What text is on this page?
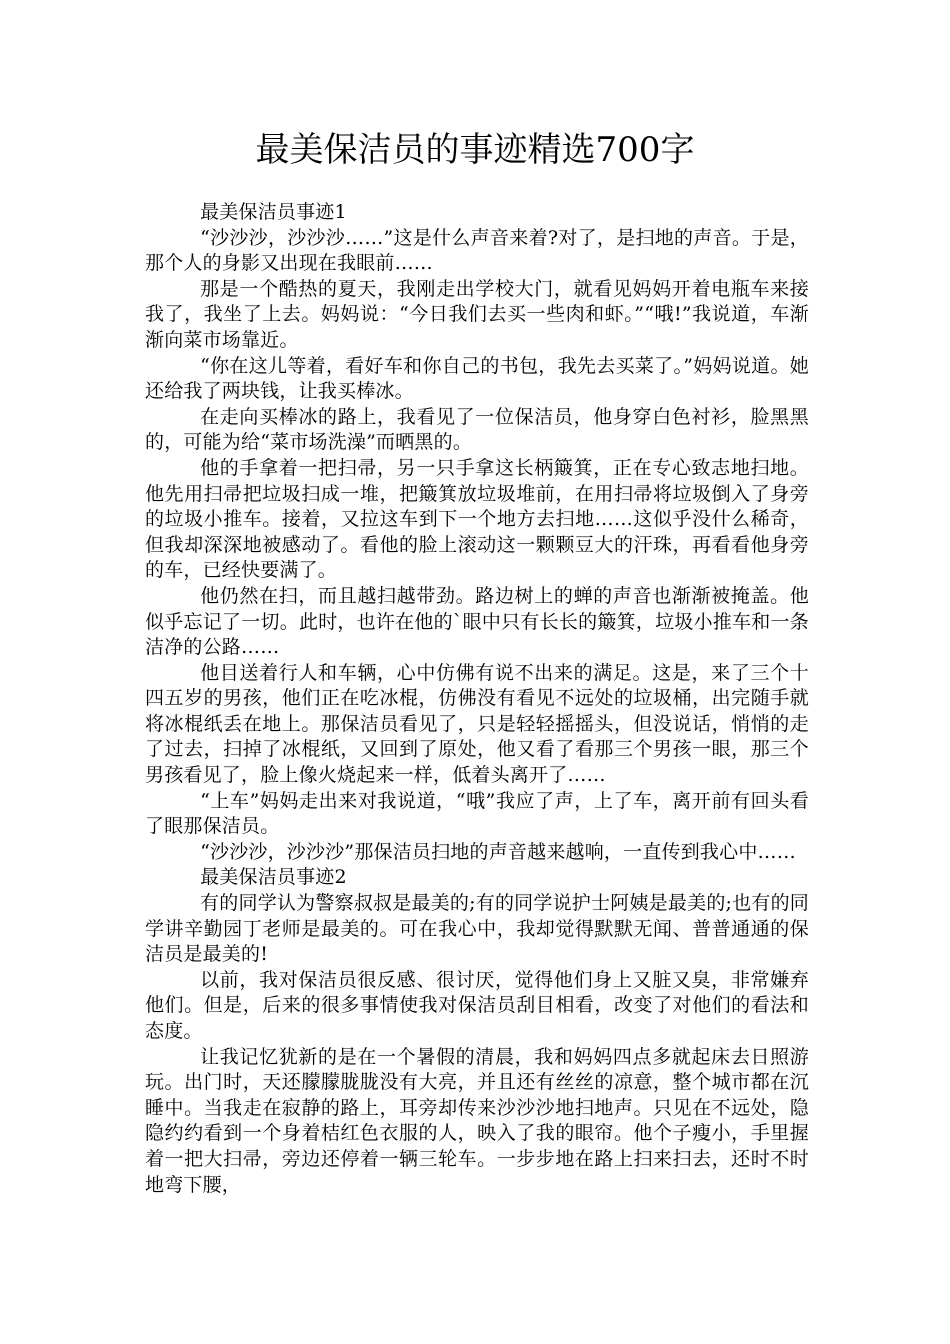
最美保洁员的事迹精选700字

最美保洁员事迹1

“沙沙沙，沙沙沙……”这是什么声音来着?对了，是扫地的声音。于是，那个人的身影又出现在我眼前……

那是一个酷热的夏天，我刚走出学校大门，就看见妈妈开着电瓶车来接我了，我坐了上去。妈妈说：“今日我们去买一些肉和虾。”“哦!”我说道，车渐渐向菜市场靠近。

“你在这儿等着，看好车和你自己的书包，我先去买菜了。”妈妈说道。她还给我了两块钱，让我买棒冰。

在走向买棒冰的路上，我看见了一位保洁员，他身穿白色衬衫，脸黑黑的，可能为给“菜市场洗澡”而晒黑的。

他的手拿着一把扫帚，另一只手拿这长柄簸箕，正在专心致志地扫地。他先用扫帚把垃圾扫成一堆，把簸箕放垃圾堆前，在用扫帚将垃圾倒入了身旁的垃圾小推车。接着，又拉这车到下一个地方去扫地……这似乎没什么稀奇，但我却深深地被感动了。看他的脸上滚动这一颗颗豆大的汗珠，再看看他身旁的车，已经快要满了。

他仍然在扫，而且越扫越带劲。路边树上的蝉的声音也渐渐被掩盖。他似乎忘记了一切。此时，也许在他的`眼中只有长长的簸箕，垃圾小推车和一条洁净的公路……

他目送着行人和车辆，心中仿佛有说不出来的满足。这是，来了三个十四五岁的男孩，他们正在吃冰棍，仿佛没有看见不远处的垃圾桶，出完随手就将冰棍纸丢在地上。那保洁员看见了，只是轻轻摇摇头，但没说话，悄悄的走了过去，扫掉了冰棍纸，又回到了原处，他又看了看那三个男孩一眼，那三个男孩看见了，脸上像火烧起来一样，低着头离开了……

“上车”妈妈走出来对我说道，“哦”我应了声，上了车，离开前有回头看了眼那保洁员。

“沙沙沙，沙沙沙”那保洁员扫地的声音越来越响，一直传到我心中……

最美保洁员事迹2

有的同学认为警察叔叔是最美的;有的同学说护士阿姨是最美的;也有的同学讲辛勤园丁老师是最美的。可在我心中，我却觉得默默无闻、普普通通的保洁员是最美的!

以前，我对保洁员很反感、很讨厌，觉得他们身上又脏又臭，非常嫌弃他们。但是，后来的很多事情使我对保洁员刮目相看，改变了对他们的看法和态度。

让我记忆犹新的是在一个暑假的清晨，我和妈妈四点多就起床去日照游玩。出门时，天还朦朦胧胧没有大亮，并且还有丝丝的凉意，整个城市都在沉睡中。当我走在寂静的路上，耳旁却传来沙沙沙地扫地声。只见在不远处，隐隐约约看到一个身着桔红色衣服的人，映入了我的眼帘。他个子瘦小，手里握着一把大扫帚，旁边还停着一辆三轮车。一步步地在路上扫来扫去，还时不时地弯下腰，
